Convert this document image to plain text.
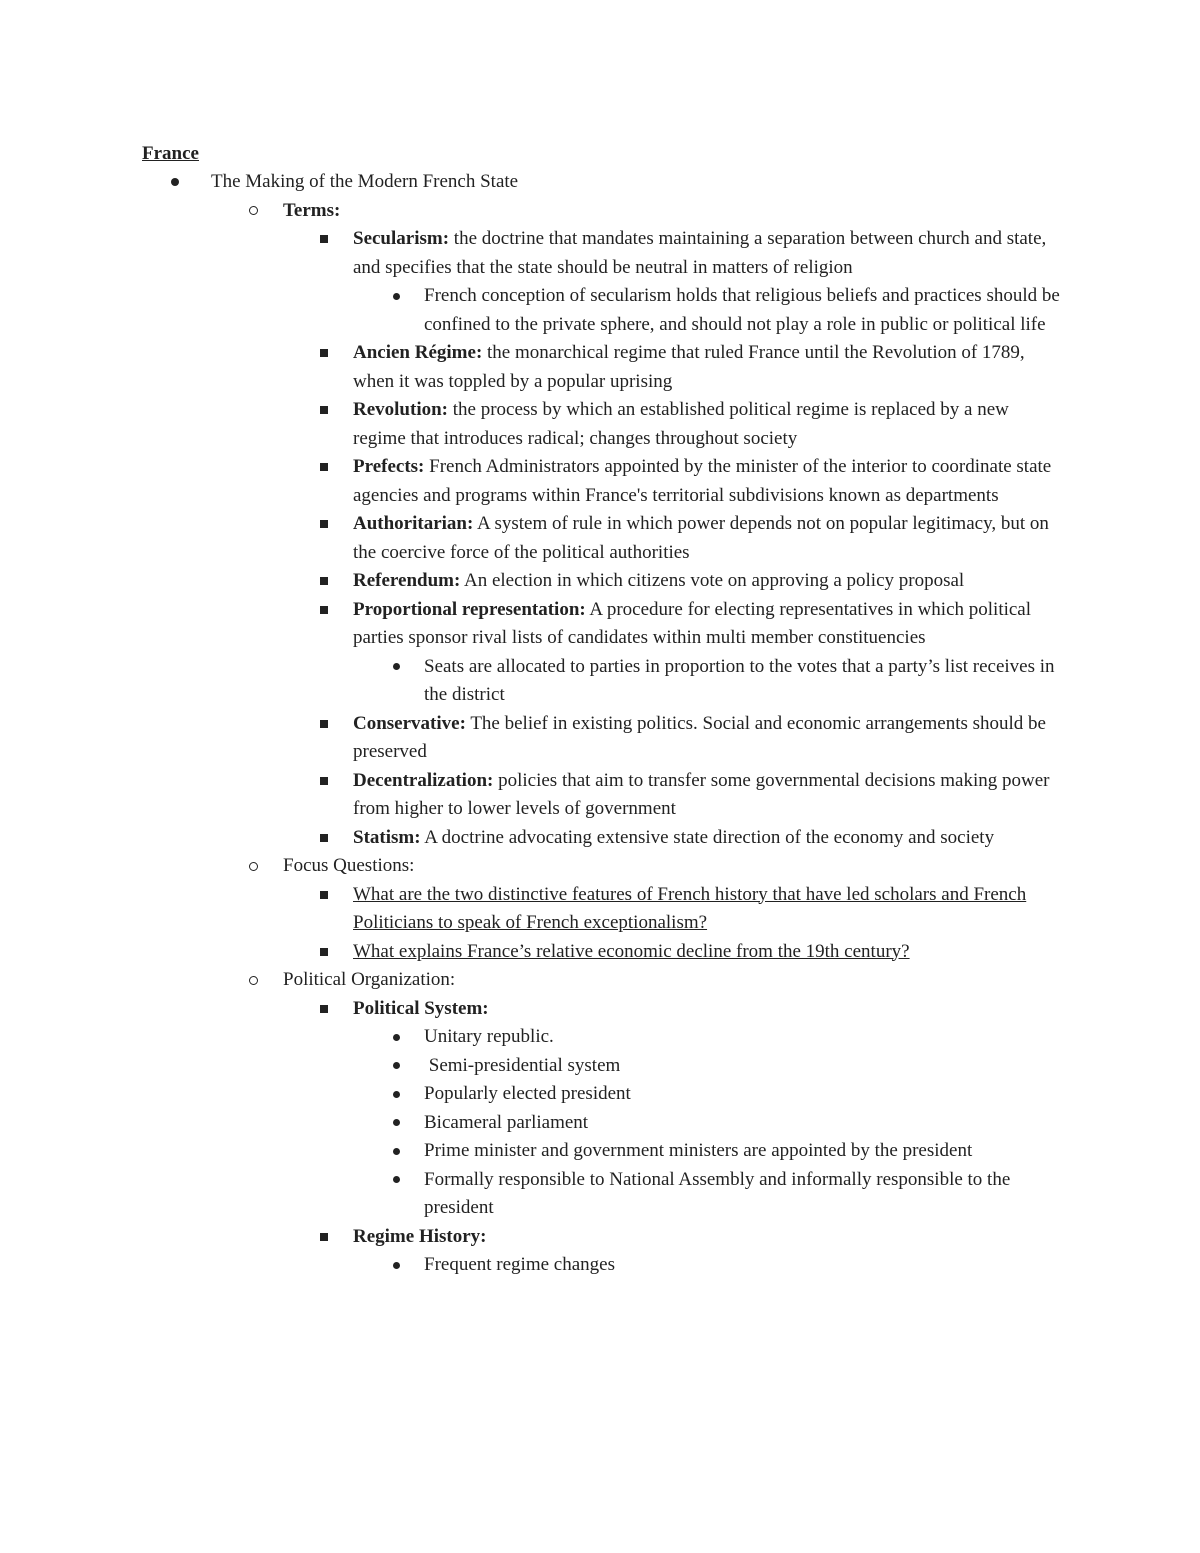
France
The Making of the Modern French State
Terms:
Secularism: the doctrine that mandates maintaining a separation between church and state, and specifies that the state should be neutral in matters of religion
French conception of secularism holds that religious beliefs and practices should be confined to the private sphere, and should not play a role in public or political life
Ancien Régime: the monarchical regime that ruled France until the Revolution of 1789, when it was toppled by a popular uprising
Revolution: the process by which an established political regime is replaced by a new regime that introduces radical; changes throughout society
Prefects: French Administrators appointed by the minister of the interior to coordinate state agencies and programs within France's territorial subdivisions known as departments
Authoritarian: A system of rule in which power depends not on popular legitimacy, but on the coercive force of the political authorities
Referendum: An election in which citizens vote on approving a policy proposal
Proportional representation: A procedure for electing representatives in which political parties sponsor rival lists of candidates within multi member constituencies
Seats are allocated to parties in proportion to the votes that a party’s list receives in the district
Conservative: The belief in existing politics. Social and economic arrangements should be preserved
Decentralization: policies that aim to transfer some governmental decisions making power from higher to lower levels of government
Statism: A doctrine advocating extensive state direction of the economy and society
Focus Questions:
What are the two distinctive features of French history that have led scholars and French Politicians to speak of French exceptionalism?
What explains France’s relative economic decline from the 19th century?
Political Organization:
Political System:
Unitary republic.
Semi-presidential system
Popularly elected president
Bicameral parliament
Prime minister and government ministers are appointed by the president
Formally responsible to National Assembly and informally responsible to the president
Regime History:
Frequent regime changes
